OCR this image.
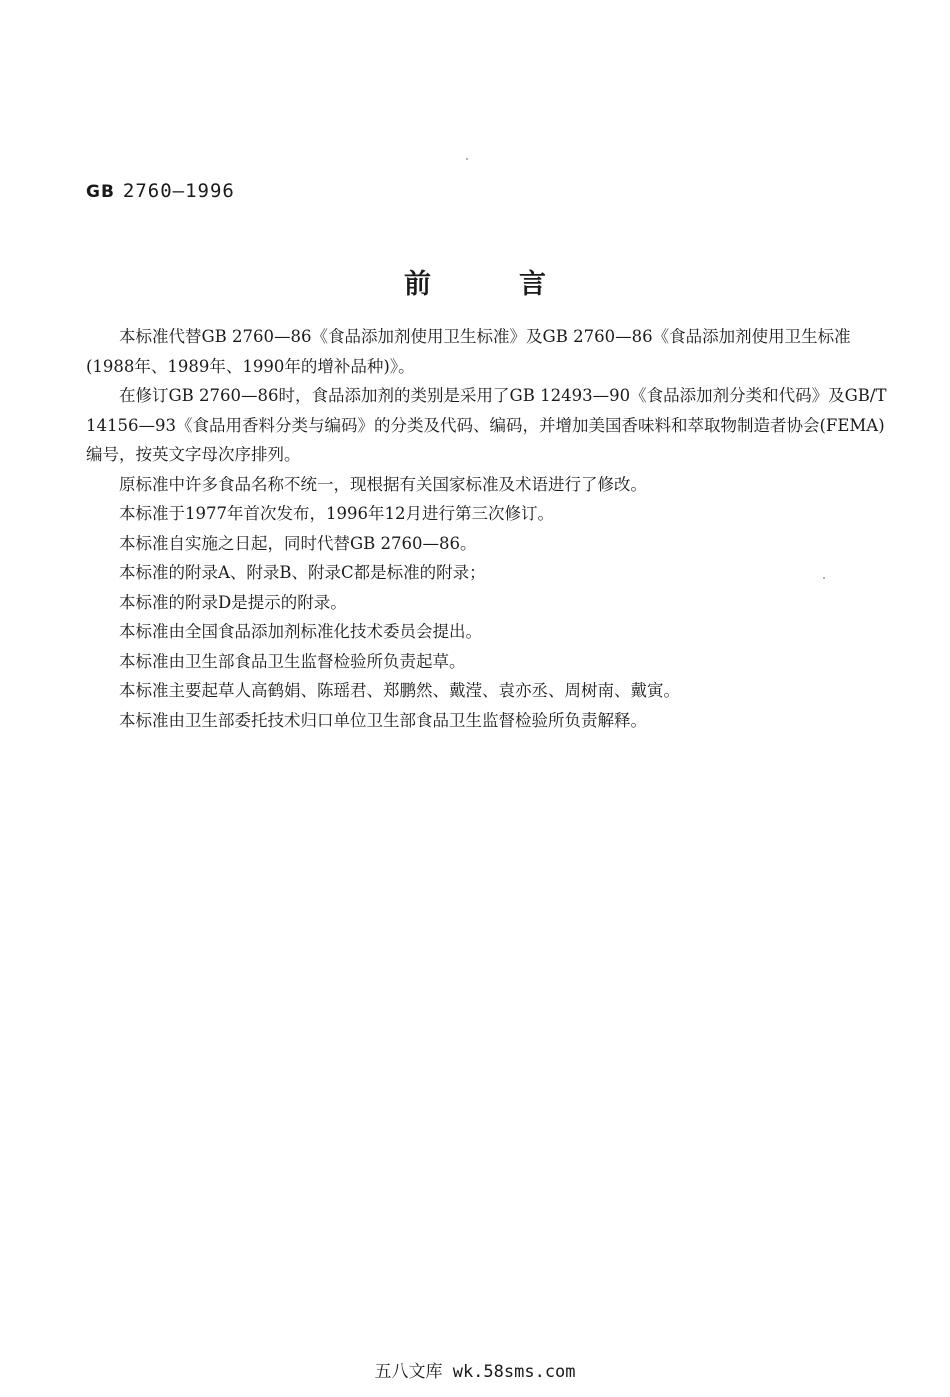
GB 2760—1996
前	言

本标准代替GB 2760—86《食品添加剂使用卫生标准》及GB 2760—86《食品添加剂使用卫生标准(1988年、1989年、1990年的增补品种)》。

在修订GB 2760—86时，食品添加剂的类别是采用了GB 12493—90《食品添加剂分类和代码》及GB/T 14156—93《食品用香料分类与编码》的分类及代码、编码，并增加美国香味料和萃取物制造者协会(FEMA)编号，按英文字母次序排列。

原标准中许多食品名称不统一，现根据有关国家标准及术语进行了修改。

本标准于1977年首次发布，1996年12月进行第三次修订。

本标准自实施之日起，同时代替GB 2760—86。

本标准的附录A、附录B、附录C都是标准的附录；

本标准的附录D是提示的附录。

本标准由全国食品添加剂标准化技术委员会提出。

本标准由卫生部食品卫生监督检验所负责起草。

本标准主要起草人高鹤娟、陈瑶君、郑鹏然、戴滢、袁亦丞、周树南、戴寅。

本标准由卫生部委托技术归口单位卫生部食品卫生监督检验所负责解释。

五八文库 wk.58sms.com
